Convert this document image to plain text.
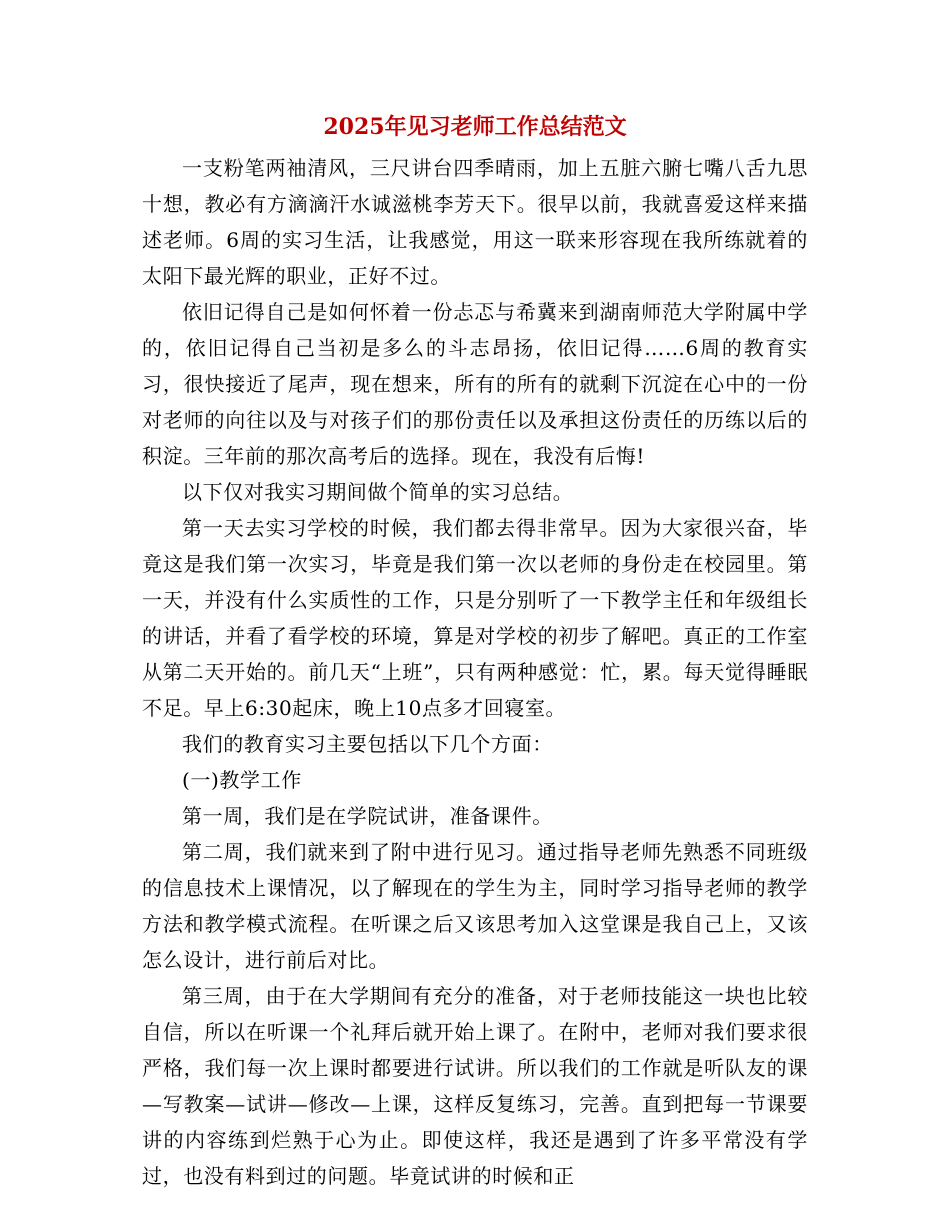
2025年见习老师工作总结范文

一支粉笔两袖清风，三尺讲台四季晴雨，加上五脏六腑七嘴八舌九思十想，教必有方滴滴汗水诚滋桃李芳天下。很早以前，我就喜爱这样来描述老师。6周的实习生活，让我感觉，用这一联来形容现在我所练就着的太阳下最光辉的职业，正好不过。

依旧记得自己是如何怀着一份忐忑与希冀来到湖南师范大学附属中学的，依旧记得自己当初是多么的斗志昂扬，依旧记得……6周的教育实习，很快接近了尾声，现在想来，所有的所有的就剩下沉淀在心中的一份对老师的向往以及与对孩子们的那份责任以及承担这份责任的历练以后的积淀。三年前的那次高考后的选择。现在，我没有后悔!

以下仅对我实习期间做个简单的实习总结。

第一天去实习学校的时候，我们都去得非常早。因为大家很兴奋，毕竟这是我们第一次实习，毕竟是我们第一次以老师的身份走在校园里。第一天，并没有什么实质性的工作，只是分别听了一下教学主任和年级组长的讲话，并看了看学校的环境，算是对学校的初步了解吧。真正的工作室从第二天开始的。前几天“上班”，只有两种感觉：忙，累。每天觉得睡眠不足。早上6:30起床，晚上10点多才回寝室。

我们的教育实习主要包括以下几个方面：

(一)教学工作

第一周，我们是在学院试讲，准备课件。

第二周，我们就来到了附中进行见习。通过指导老师先熟悉不同班级的信息技术上课情况，以了解现在的学生为主，同时学习指导老师的教学方法和教学模式流程。在听课之后又该思考加入这堂课是我自己上，又该怎么设计，进行前后对比。

第三周，由于在大学期间有充分的准备，对于老师技能这一块也比较自信，所以在听课一个礼拜后就开始上课了。在附中，老师对我们要求很严格，我们每一次上课时都要进行试讲。所以我们的工作就是听队友的课—写教案—试讲—修改—上课，这样反复练习，完善。直到把每一节课要讲的内容练到烂熟于心为止。即使这样，我还是遇到了许多平常没有学过，也没有料到过的问题。毕竟试讲的时候和正
